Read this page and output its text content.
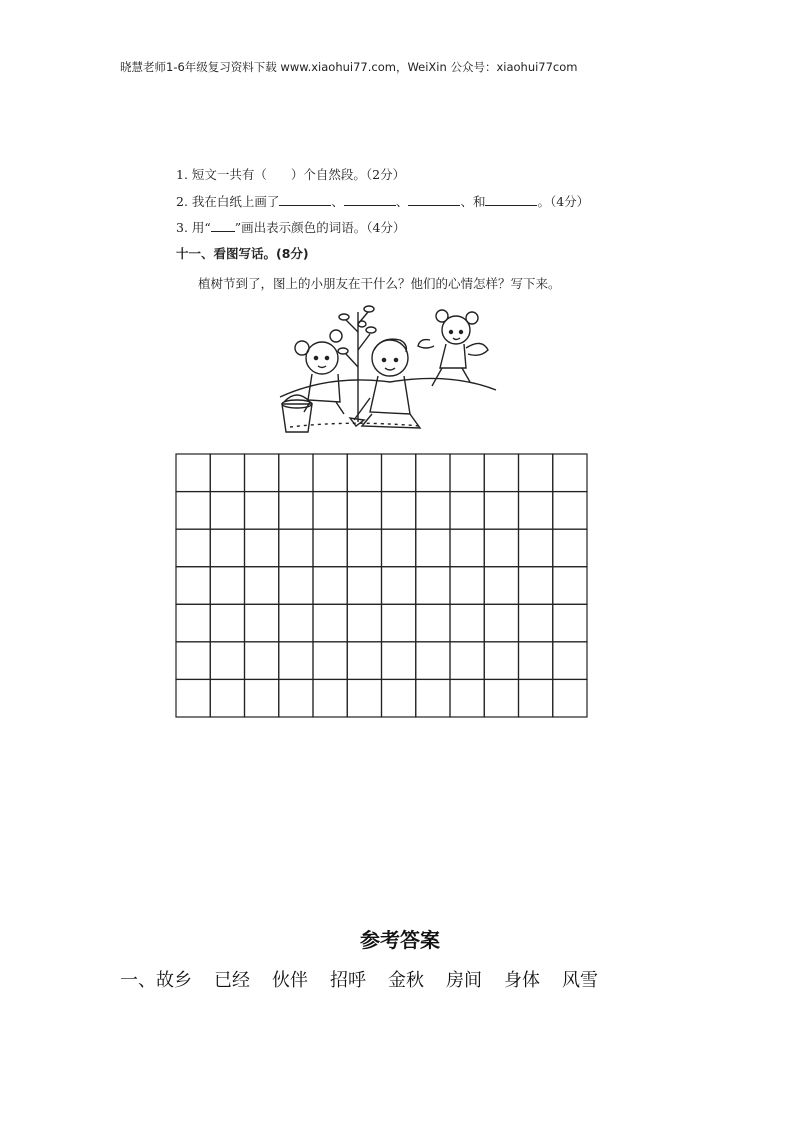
晓慧老师1-6年级复习资料下载 www.xiaohui77.com，WeiXin 公众号：xiaohui77com
1. 短文一共有（ ）个自然段。（2分）
2. 我在白纸上画了	、	、	、和	。（4分）
3. 用“ ”画出表示颜色的词语。（4分）
十一、看图写话。(8分)
植树节到了，图上的小朋友在干什么？他们的心情怎样？写下来。
参考答案
一、故乡 已经 伙伴 招呼 金秋 房间 身体 风雪
